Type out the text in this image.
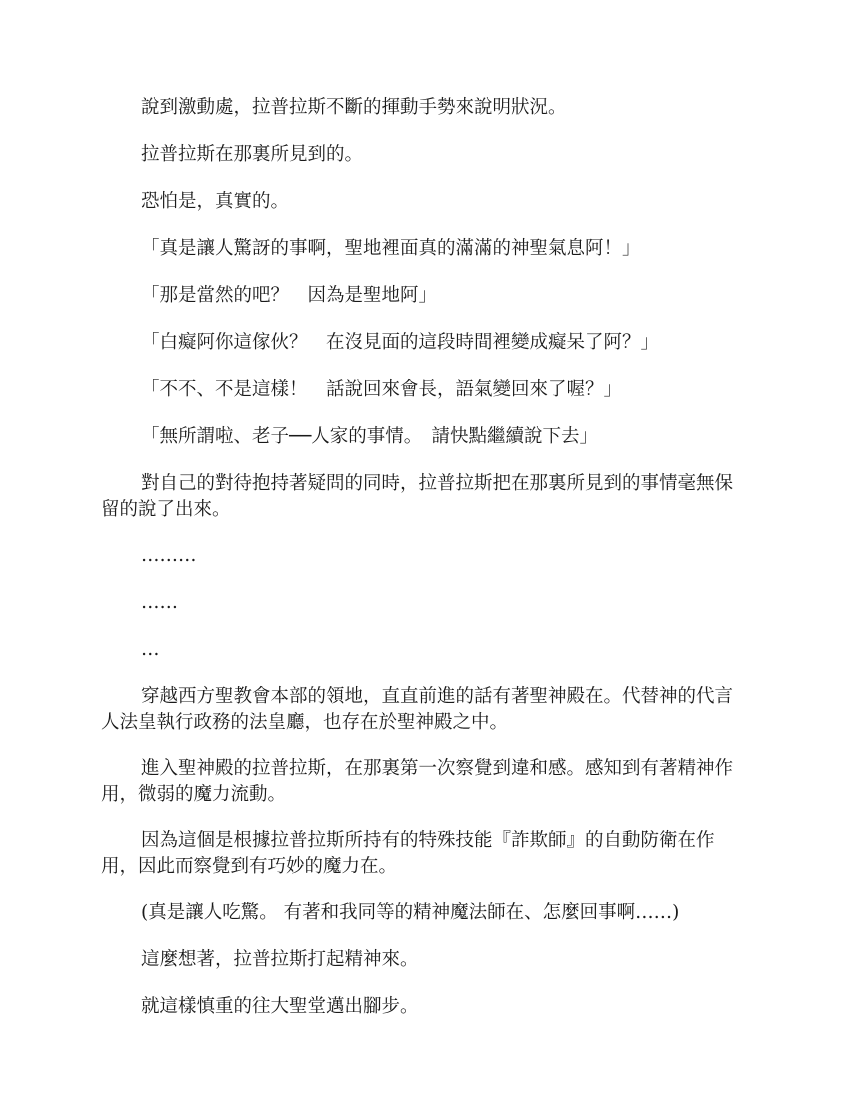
說到激動處，拉普拉斯不斷的揮動手勢來說明狀況。

拉普拉斯在那裏所見到的。

恐怕是，真實的。

「真是讓人驚訝的事啊，聖地裡面真的滿滿的神聖氣息阿！」

「那是當然的吧？　因為是聖地阿」

「白癡阿你這傢伙？　在沒見面的這段時間裡變成癡呆了阿？」

「不不、不是這樣！　話說回來會長，語氣變回來了喔？」

「無所謂啦、老子──人家的事情。　請快點繼續說下去」

對自己的對待抱持著疑問的同時，拉普拉斯把在那裏所見到的事情毫無保留的說了出來。

………

……

…

穿越西方聖教會本部的領地，直直前進的話有著聖神殿在。代替神的代言人法皇執行政務的法皇廳，也存在於聖神殿之中。

進入聖神殿的拉普拉斯，在那裏第一次察覺到違和感。感知到有著精神作用，微弱的魔力流動。

因為這個是根據拉普拉斯所持有的特殊技能『詐欺師』的自動防衛在作用，因此而察覺到有巧妙的魔力在。

(真是讓人吃驚。 有著和我同等的精神魔法師在、怎麼回事啊……)

這麼想著，拉普拉斯打起精神來。

就這樣慎重的往大聖堂邁出腳步。
